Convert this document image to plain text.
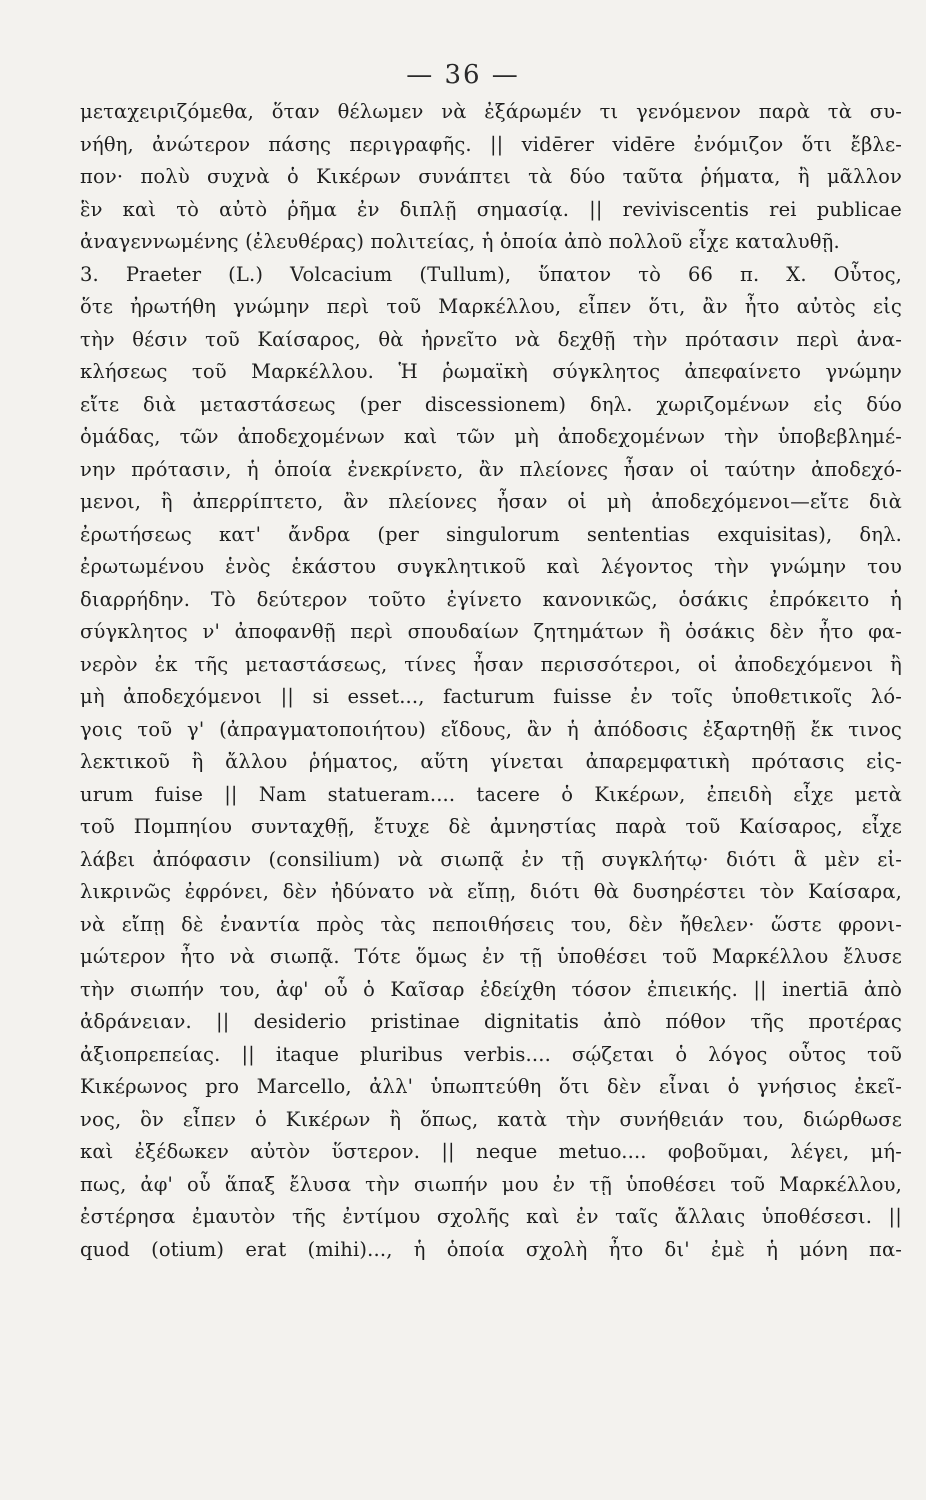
— 36 —
μεταχειριζόμεθα, ὅταν θέλωμεν νὰ ἐξάρωμέν τι γενόμενον παρὰ τὰ συ-
νήθη, ἀνώτερον πάσης περιγραφῆς. || vidērer vidēre ἐνόμιζον ὅτι ἔβλε-
πον· πολὺ συχνὰ ὁ Κικέρων συνάπτει τὰ δύο ταῦτα ῥήματα, ἢ μᾶλλον
ἓν καὶ τὸ αὐτὸ ῥῆμα ἐν διπλῇ σημασίᾳ. || reviviscentis rei publicae
ἀναγεννωμένης (ἐλευθέρας) πολιτείας, ἡ ὁποία ἀπὸ πολλοῦ εἶχε καταλυθῇ.
3. Praeter (L.) Volcacium (Tullum), ὕπατον τὸ 66 π. Χ. Οὗτος,
ὅτε ἠρωτήθη γνώμην περὶ τοῦ Μαρκέλλου, εἶπεν ὅτι, ἂν ἦτο αὐτὸς εἰς
τὴν θέσιν τοῦ Καίσαρος, θὰ ἠρνεῖτο νὰ δεχθῇ τὴν πρότασιν περὶ ἀνα-
κλήσεως τοῦ Μαρκέλλου. Ἡ ῥωμαϊκὴ σύγκλητος ἀπεφαίνετο γνώμην
εἴτε διὰ μεταστάσεως (per discessionem) δηλ. χωριζομένων εἰς δύο
ὁμάδας, τῶν ἀποδεχομένων καὶ τῶν μὴ ἀποδεχομένων τὴν ὑποβεβλημέ-
νην πρότασιν, ἡ ὁποία ἐνεκρίνετο, ἂν πλείονες ἦσαν οἱ ταύτην ἀποδεχό-
μενοι, ἢ ἀπερρίπτετο, ἂν πλείονες ἦσαν οἱ μὴ ἀποδεχόμενοι—εἴτε διὰ
ἐρωτήσεως κατ' ἄνδρα (per singulorum sententias exquisitas), δηλ.
ἐρωτωμένου ἑνὸς ἑκάστου συγκλητικοῦ καὶ λέγοντος τὴν γνώμην του
διαρρήδην. Τὸ δεύτερον τοῦτο ἐγίνετο κανονικῶς, ὁσάκις ἐπρόκειτο ἡ
σύγκλητος ν' ἀποφανθῇ περὶ σπουδαίων ζητημάτων ἢ ὁσάκις δὲν ἦτο φα-
νερὸν ἐκ τῆς μεταστάσεως, τίνες ἦσαν περισσότεροι, οἱ ἀποδεχόμενοι ἢ
μὴ ἀποδεχόμενοι || si esset..., facturum fuisse ἐν τοῖς ὑποθετικοῖς λό-
γοις τοῦ γ' (ἀπραγματοποιήτου) εἴδους, ἂν ἡ ἀπόδοσις ἐξαρτηθῇ ἔκ τινος
λεκτικοῦ ἢ ἄλλου ῥήματος, αὕτη γίνεται ἀπαρεμφατικὴ πρότασις εἰς-
urum fuise || Nam statueram.... tacere ὁ Κικέρων, ἐπειδὴ εἶχε μετὰ
τοῦ Πομπηίου συνταχθῇ, ἔτυχε δὲ ἀμνηστίας παρὰ τοῦ Καίσαρος, εἶχε
λάβει ἀπόφασιν (consilium) νὰ σιωπᾷ ἐν τῇ συγκλήτῳ· διότι ἃ μὲν εἰ-
λικρινῶς ἐφρόνει, δὲν ἠδύνατο νὰ εἴπῃ, διότι θὰ δυσηρέστει τὸν Καίσαρα,
νὰ εἴπῃ δὲ ἐναντία πρὸς τὰς πεποιθήσεις του, δὲν ἤθελεν· ὥστε φρονι-
μώτερον ἦτο νὰ σιωπᾷ. Τότε ὅμως ἐν τῇ ὑποθέσει τοῦ Μαρκέλλου ἔλυσε
τὴν σιωπήν του, ἀφ' οὗ ὁ Καῖσαρ ἐδείχθη τόσον ἐπιεικής. || inertiā ἀπὸ
ἀδράνειαν. || desiderio pristinae dignitatis ἀπὸ πόθον τῆς προτέρας
ἀξιοπρεπείας. || itaque pluribus verbis.... σῴζεται ὁ λόγος οὗτος τοῦ
Κικέρωνος pro Marcello, ἀλλ' ὑπωπτεύθη ὅτι δὲν εἶναι ὁ γνήσιος ἐκεῖ-
νος, ὃν εἶπεν ὁ Κικέρων ἢ ὅπως, κατὰ τὴν συνήθειάν του, διώρθωσε
καὶ ἐξέδωκεν αὐτὸν ὕστερον. || neque metuo.... φοβοῦμαι, λέγει, μή-
πως, ἀφ' οὗ ἅπαξ ἔλυσα τὴν σιωπήν μου ἐν τῇ ὑποθέσει τοῦ Μαρκέλλου,
ἐστέρησα ἐμαυτὸν τῆς ἐντίμου σχολῆς καὶ ἐν ταῖς ἄλλαις ὑποθέσεσι. ||
quod (otium) erat (mihi)..., ἡ ὁποία σχολὴ ἦτο δι' ἐμὲ ἡ μόνη πα-
